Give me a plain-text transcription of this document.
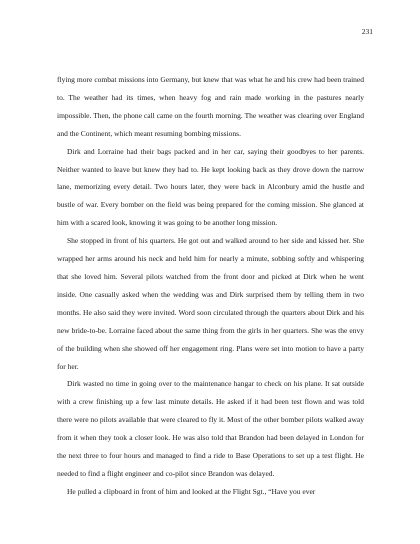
231

flying more combat missions into Germany, but knew that was what he and his crew had been trained to. The weather had its times, when heavy fog and rain made working in the pastures nearly impossible. Then, the phone call came on the fourth morning. The weather was clearing over England and the Continent, which meant resuming bombing missions.

Dirk and Lorraine had their bags packed and in her car, saying their goodbyes to her parents. Neither wanted to leave but knew they had to. He kept looking back as they drove down the narrow lane, memorizing every detail. Two hours later, they were back in Alconbury amid the hustle and bustle of war. Every bomber on the field was being prepared for the coming mission. She glanced at him with a scared look, knowing it was going to be another long mission.

She stopped in front of his quarters. He got out and walked around to her side and kissed her. She wrapped her arms around his neck and held him for nearly a minute, sobbing softly and whispering that she loved him. Several pilots watched from the front door and picked at Dirk when he went inside. One casually asked when the wedding was and Dirk surprised them by telling them in two months. He also said they were invited. Word soon circulated through the quarters about Dirk and his new bride-to-be. Lorraine faced about the same thing from the girls in her quarters. She was the envy of the building when she showed off her engagement ring. Plans were set into motion to have a party for her.

Dirk wasted no time in going over to the maintenance hangar to check on his plane. It sat outside with a crew finishing up a few last minute details. He asked if it had been test flown and was told there were no pilots available that were cleared to fly it. Most of the other bomber pilots walked away from it when they took a closer look. He was also told that Brandon had been delayed in London for the next three to four hours and managed to find a ride to Base Operations to set up a test flight. He needed to find a flight engineer and co-pilot since Brandon was delayed.

He pulled a clipboard in front of him and looked at the Flight Sgt., “Have you ever
